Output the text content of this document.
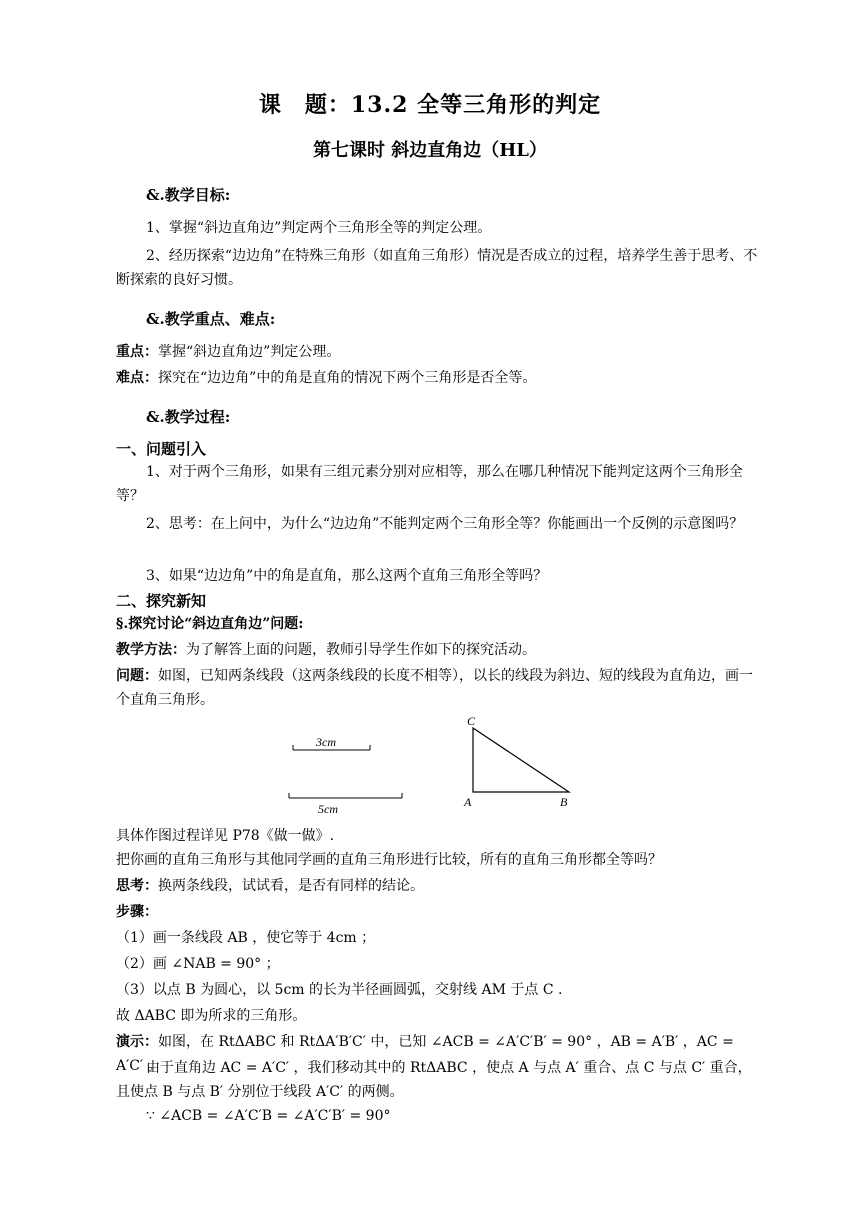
课　题：13.2 全等三角形的判定
第七课时 斜边直角边（HL）
&.教学目标:
1、掌握“斜边直角边”判定两个三角形全等的判定公理。
2、经历探索“边边角”在特殊三角形（如直角三角形）情况是否成立的过程，培养学生善于思考、不断探索的良好习惯。
&.教学重点、难点:
重点：掌握“斜边直角边”判定公理。
难点：探究在“边边角”中的角是直角的情况下两个三角形是否全等。
&.教学过程:
一、问题引入
1、对于两个三角形，如果有三组元素分别对应相等，那么在哪几种情况下能判定这两个三角形全等？
2、思考：在上问中，为什么“边边角”不能判定两个三角形全等？你能画出一个反例的示意图吗？
3、如果“边边角”中的角是直角，那么这两个直角三角形全等吗？
二、探究新知
§.探究讨论“斜边直角边”问题:
教学方法：为了解答上面的问题，教师引导学生作如下的探究活动。
问题：如图，已知两条线段（这两条线段的长度不相等），以长的线段为斜边、短的线段为直角边，画一个直角三角形。
3cm
5cm
C
A	B
具体作图过程详见 P78《做一做》.
把你画的直角三角形与其他同学画的直角三角形进行比较，所有的直角三角形都全等吗？
思考：换两条线段，试试看，是否有同样的结论。
步骤：
（1）画一条线段 AB ，使它等于 4cm ；
（2）画 ∠NAB = 90° ；
（3）以点 B 为圆心，以 5cm 的长为半径画圆弧，交射线 AM 于点 C .
故 ΔABC 即为所求的三角形。
演示：如图，在 RtΔABC 和 RtΔA′B′C′ 中，已知 ∠ACB = ∠A′C′B′ = 90° ，AB = A′B′ ，AC = A′C′ 。
由于直角边 AC = A′C′ ，我们移动其中的 RtΔABC ，使点 A 与点 A′ 重合、点 C 与点 C′ 重合，且使点 B 与点 B′ 分别位于线段 A′C′ 的两侧。
∵ ∠ACB = ∠A′C′B = ∠A′C′B′ = 90°
